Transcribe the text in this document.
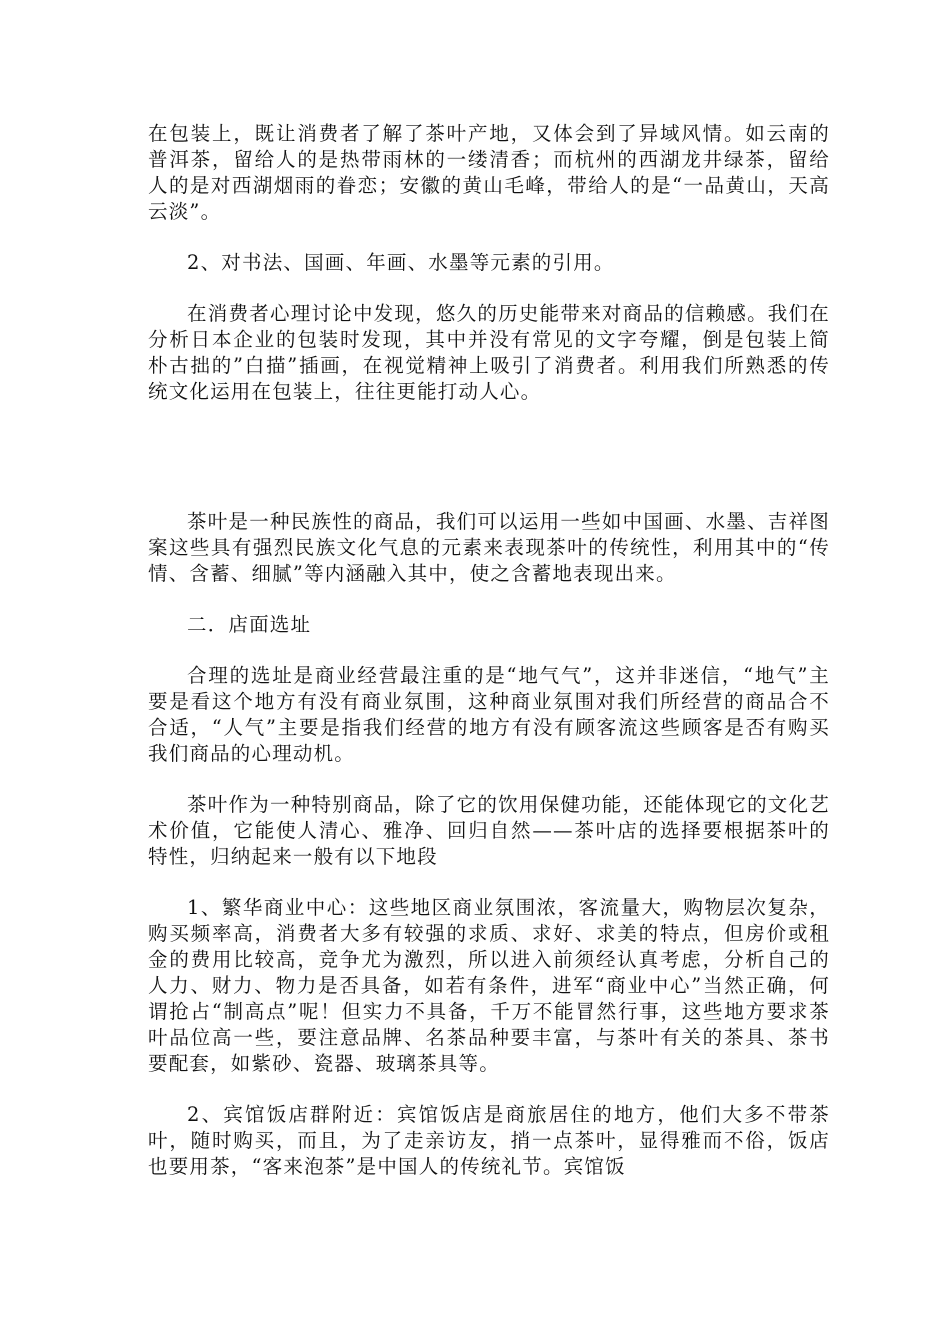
在包装上，既让消费者了解了茶叶产地，又体会到了异域风情。如云南的普洱茶，留给人的是热带雨林的一缕清香；而杭州的西湖龙井绿茶，留给人的是对西湖烟雨的眷恋；安徽的黄山毛峰，带给人的是“一品黄山，天高云淡”。

2、对书法、国画、年画、水墨等元素的引用。

在消费者心理讨论中发现，悠久的历史能带来对商品的信赖感。我们在分析日本企业的包装时发现，其中并没有常见的文字夸耀，倒是包装上简朴古拙的”白描”插画，在视觉精神上吸引了消费者。利用我们所熟悉的传统文化运用在包装上，往往更能打动人心。

茶叶是一种民族性的商品，我们可以运用一些如中国画、水墨、吉祥图案这些具有强烈民族文化气息的元素来表现茶叶的传统性，利用其中的“传情、含蓄、细腻”等内涵融入其中，使之含蓄地表现出来。

二．店面选址

合理的选址是商业经营最注重的是“地气气”，这并非迷信，“地气”主要是看这个地方有没有商业氛围，这种商业氛围对我们所经营的商品合不合适，“人气”主要是指我们经营的地方有没有顾客流这些顾客是否有购买我们商品的心理动机。

茶叶作为一种特别商品，除了它的饮用保健功能，还能体现它的文化艺术价值，它能使人清心、雅净、回归自然——茶叶店的选择要根据茶叶的特性，归纳起来一般有以下地段

1、繁华商业中心：这些地区商业氛围浓，客流量大，购物层次复杂，购买频率高，消费者大多有较强的求质、求好、求美的特点，但房价或租金的费用比较高，竞争尤为激烈，所以进入前须经认真考虑，分析自己的人力、财力、物力是否具备，如若有条件，进军“商业中心”当然正确，何谓抢占“制高点”呢！但实力不具备，千万不能冒然行事，这些地方要求茶叶品位高一些，要注意品牌、名茶品种要丰富，与茶叶有关的茶具、茶书要配套，如紫砂、瓷器、玻璃茶具等。

2、宾馆饭店群附近：宾馆饭店是商旅居住的地方，他们大多不带茶叶，随时购买，而且，为了走亲访友，捎一点茶叶，显得雅而不俗，饭店也要用茶，“客来泡茶”是中国人的传统礼节。宾馆饭
